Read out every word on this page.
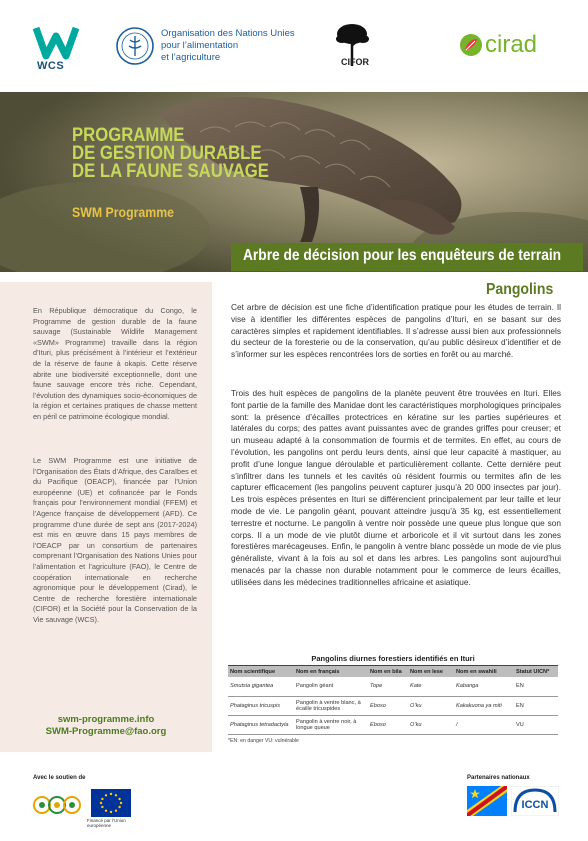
WCS
Organisation des Nations Unies
pour l’alimentation
et l’agriculture	CIFOR
cirad
PROGRAMME
DE GESTION DURABLE
DE LA FAUNE SAUVAGE
SWM Programme
Arbre de décision pour les enquêteurs de terrain
Pangolins

En République démocratique du Congo, le Programme de gestion durable de la faune sauvage (Sustainable Wildlife Management «SWM» Programme) travaille dans la région d’Ituri, plus précisément à l’intérieur et l’extérieur de la réserve de faune à okapis. Cette réserve abrite une biodiversité exceptionnelle, dont une faune sauvage encore très riche. Cependant, l’évolution des dynamiques socio-économiques de la région et certaines pratiques de chasse mettent en péril ce patrimoine écologique mondial.

Le SWM Programme est une initiative de l’Organisation des États d’Afrique, des Caraïbes et du Pacifique (OEACP), financée par l’Union européenne (UE) et cofinancée par le Fonds français pour l’environnement mondial (FFEM) et l’Agence française de développement (AFD). Ce programme d’une durée de sept ans (2017-2024) est mis en œuvre dans 15 pays membres de l’OEACP par un consortium de partenaires comprenant l’Organisation des Nations Unies pour l’alimentation et l’agriculture (FAO), le Centre de coopération internationale en recherche agronomique pour le développement (Cirad), le Centre de recherche forestière internationale (CIFOR) et la Société pour la Conservation de la Vie sauvage (WCS).

swm-programme.info
SWM-Programme@fao.org

Cet arbre de décision est une fiche d’identification pratique pour les études de terrain. Il vise à identifier les différentes espèces de pangolins d’Ituri, en se basant sur des caractères simples et rapidement identifiables. Il s’adresse aussi bien aux professionnels du secteur de la foresterie ou de la conservation, qu’au public désireux d’identifier et de s’informer sur les espèces rencontrées lors de sorties en forêt ou au marché.

Trois des huit espèces de pangolins de la planète peuvent être trouvées en Ituri. Elles font partie de la famille des Manidae dont les caractéristiques morphologiques principales sont: la présence d’écailles protectrices en kératine sur les parties supérieures et latérales du corps; des pattes avant puissantes avec de grandes griffes pour creuser; et un museau adapté à la consommation de fourmis et de termites. En effet, au cours de l’évolution, les pangolins ont perdu leurs dents, ainsi que leur capacité à mastiquer, au profit d’une longue langue déroulable et particulièrement collante. Cette dernière peut s’infiltrer dans les tunnels et les cavités où résident fourmis ou termites afin de les capturer efficacement (les pangolins peuvent capturer jusqu’à 20 000 insectes par jour). Les trois espèces présentes en Ituri se différencient principalement par leur taille et leur mode de vie. Le pangolin géant, pouvant atteindre jusqu’à 35 kg, est essentiellement terrestre et nocturne. Le pangolin à ventre noir possède une queue plus longue que son corps. Il a un mode de vie plutôt diurne et arboricole et il vit surtout dans les zones forestières marécageuses. Enfin, le pangolin à ventre blanc possède un mode de vie plus généraliste, vivant à la fois au sol et dans les arbres. Les pangolins sont aujourd’hui menacés par la chasse non durable notamment pour le commerce de leurs écailles, utilisées dans les médecines traditionnelles africaine et asiatique.

Pangolins diurnes forestiers identifiés en Ituri
Nom scientifique	Nom en français	Nom en bila	Nom en lese	Nom en swahili	Statut UICN*
Smutsia gigantea	Pangolin géant	Tope	Kate	Kabanga	EN
Phataginus tricuspis	Pangolin à ventre blanc, à écaille tricuspides	Eboso	O’ku	Kakakuona ya miti	EN
Phataginus tetradactyla	Pangolin à ventre noir, à longue queue	Eboso	O’ku	/	VU
*EN: en danger VU: vulnérable
Avec le soutien de
Financé par l’Union européenne
Partenaires nationaux
ICCN
